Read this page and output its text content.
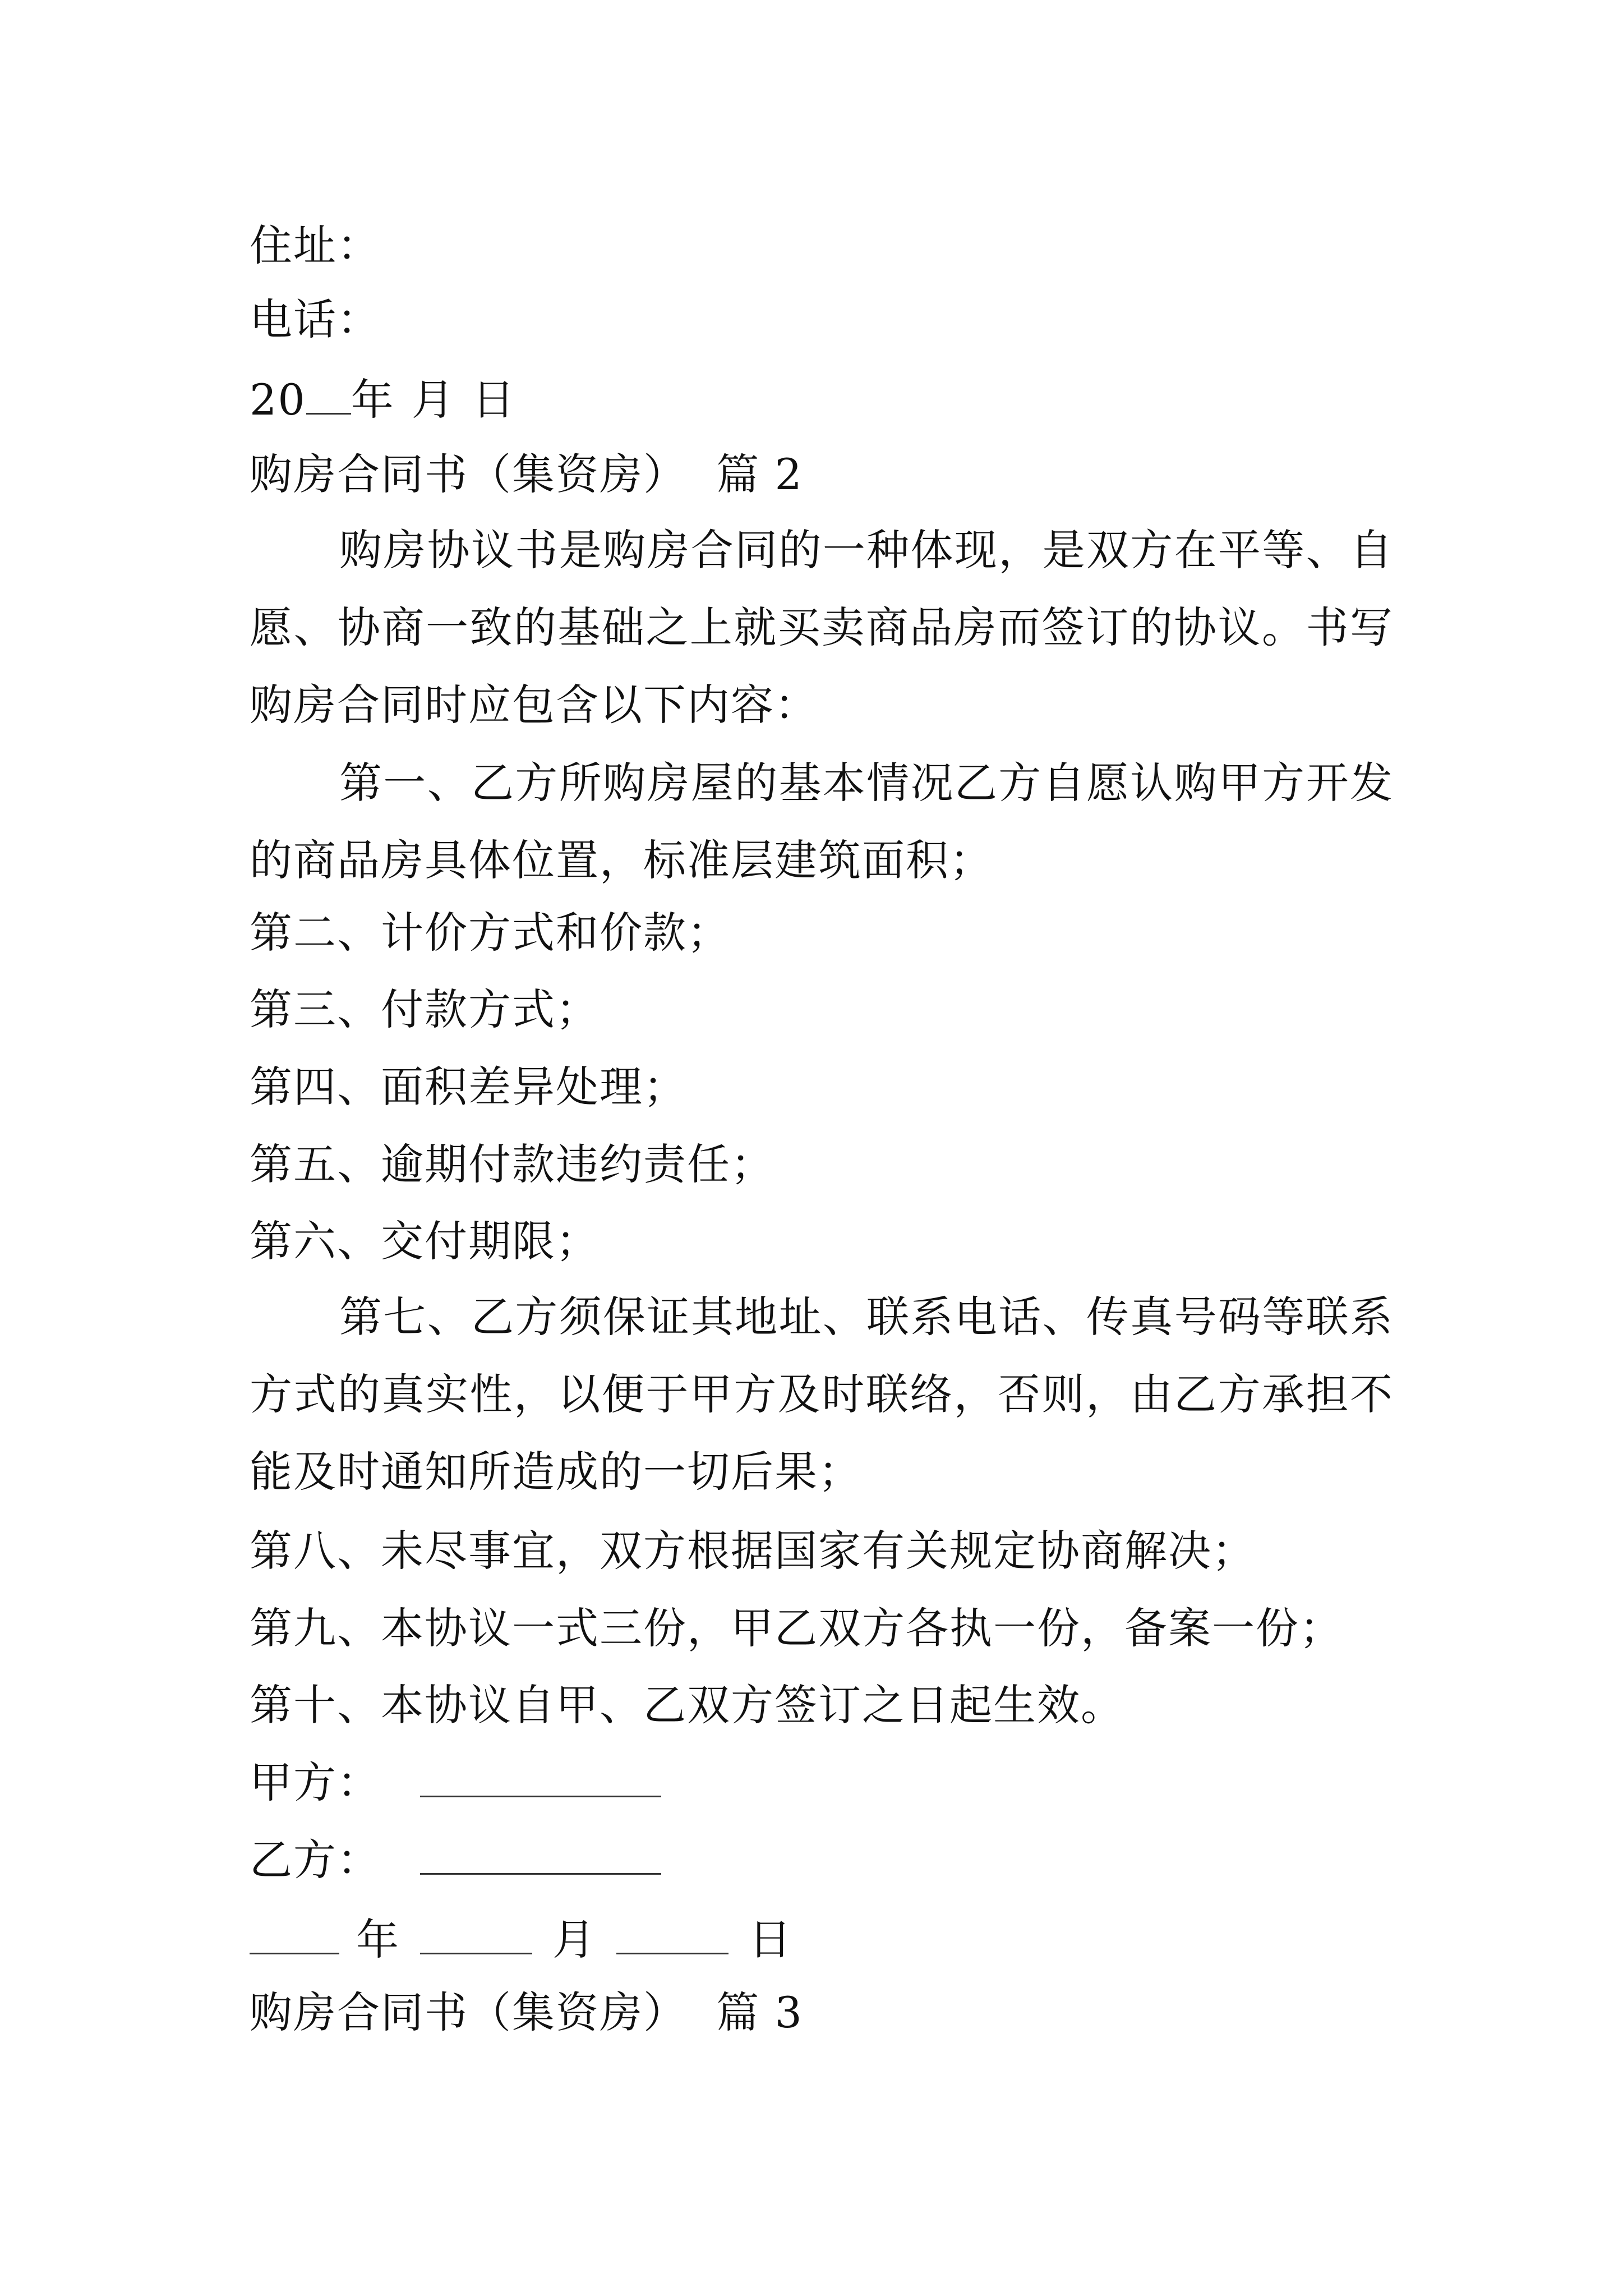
住址：
电话：
20 年 月 日
购房合同书（集资房）  篇 2
购房协议书是购房合同的一种体现，是双方在平等、自愿、协商一致的基础之上就买卖商品房而签订的协议。书写购房合同时应包含以下内容：
第一、乙方所购房屋的基本情况乙方自愿认购甲方开发的商品房具体位置，标准层建筑面积；
第二、计价方式和价款；
第三、付款方式；
第四、面积差异处理；
第五、逾期付款违约责任；
第六、交付期限；
第七、乙方须保证其地址、联系电话、传真号码等联系方式的真实性，以便于甲方及时联络，否则，由乙方承担不能及时通知所造成的一切后果；
第八、未尽事宜，双方根据国家有关规定协商解决；
第九、本协议一式三份，甲乙双方各执一份，备案一份；
第十、本协议自甲、乙双方签订之日起生效。
甲方：
乙方：
年	月	日
购房合同书（集资房）  篇 3
